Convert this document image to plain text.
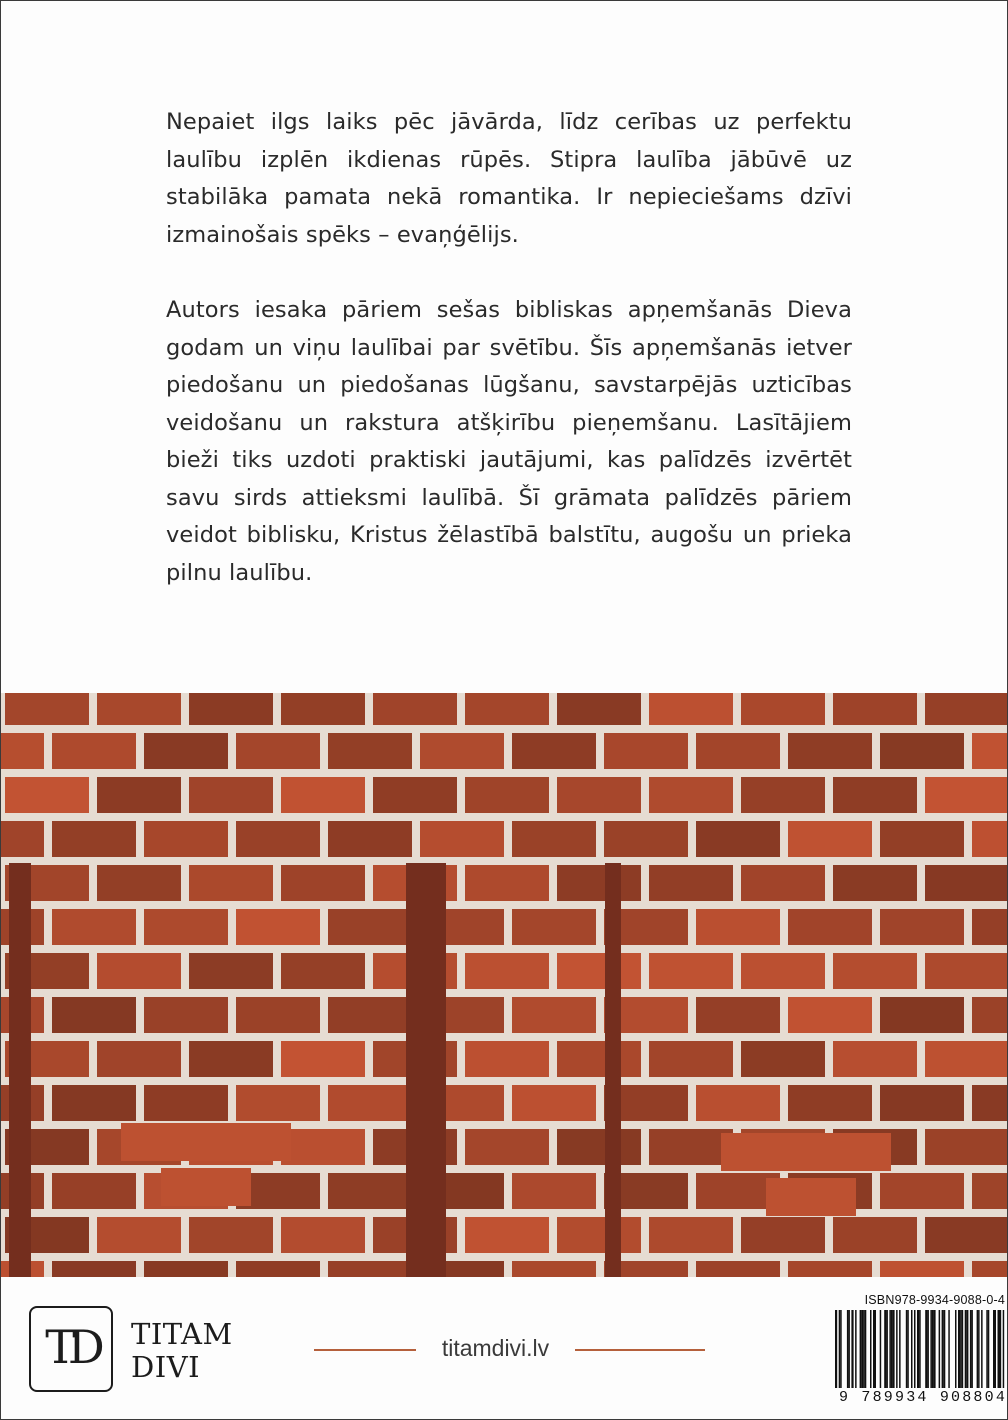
Nepaiet ilgs laiks pēc jāvārda, līdz cerības uz perfektu laulību izplēn ikdienas rūpēs. Stipra laulība jābūvē uz stabilāka pamata nekā romantika. Ir nepieciešams dzīvi izmainošais spēks – evaņģēlijs.

Autors iesaka pāriem sešas bibliskas apņemšanās Dieva godam un viņu laulībai par svētību. Šīs apņemšanās ietver piedošanu un piedošanas lūgšanu, savstarpējās uzticības veidošanu un rakstura atšķirību pieņemšanu. Lasītājiem bieži tiks uzdoti praktiski jautājumi, kas palīdzēs izvērtēt savu sirds attieksmi laulībā. Šī grāmata palīdzēs pāriem veidot biblisku, Kristus žēlastībā balstītu, augošu un prieka pilnu laulību.

TD	TITAM
DIVI
titamdivi.lv
ISBN978-9934-9088-0-4
9 789934 908804
